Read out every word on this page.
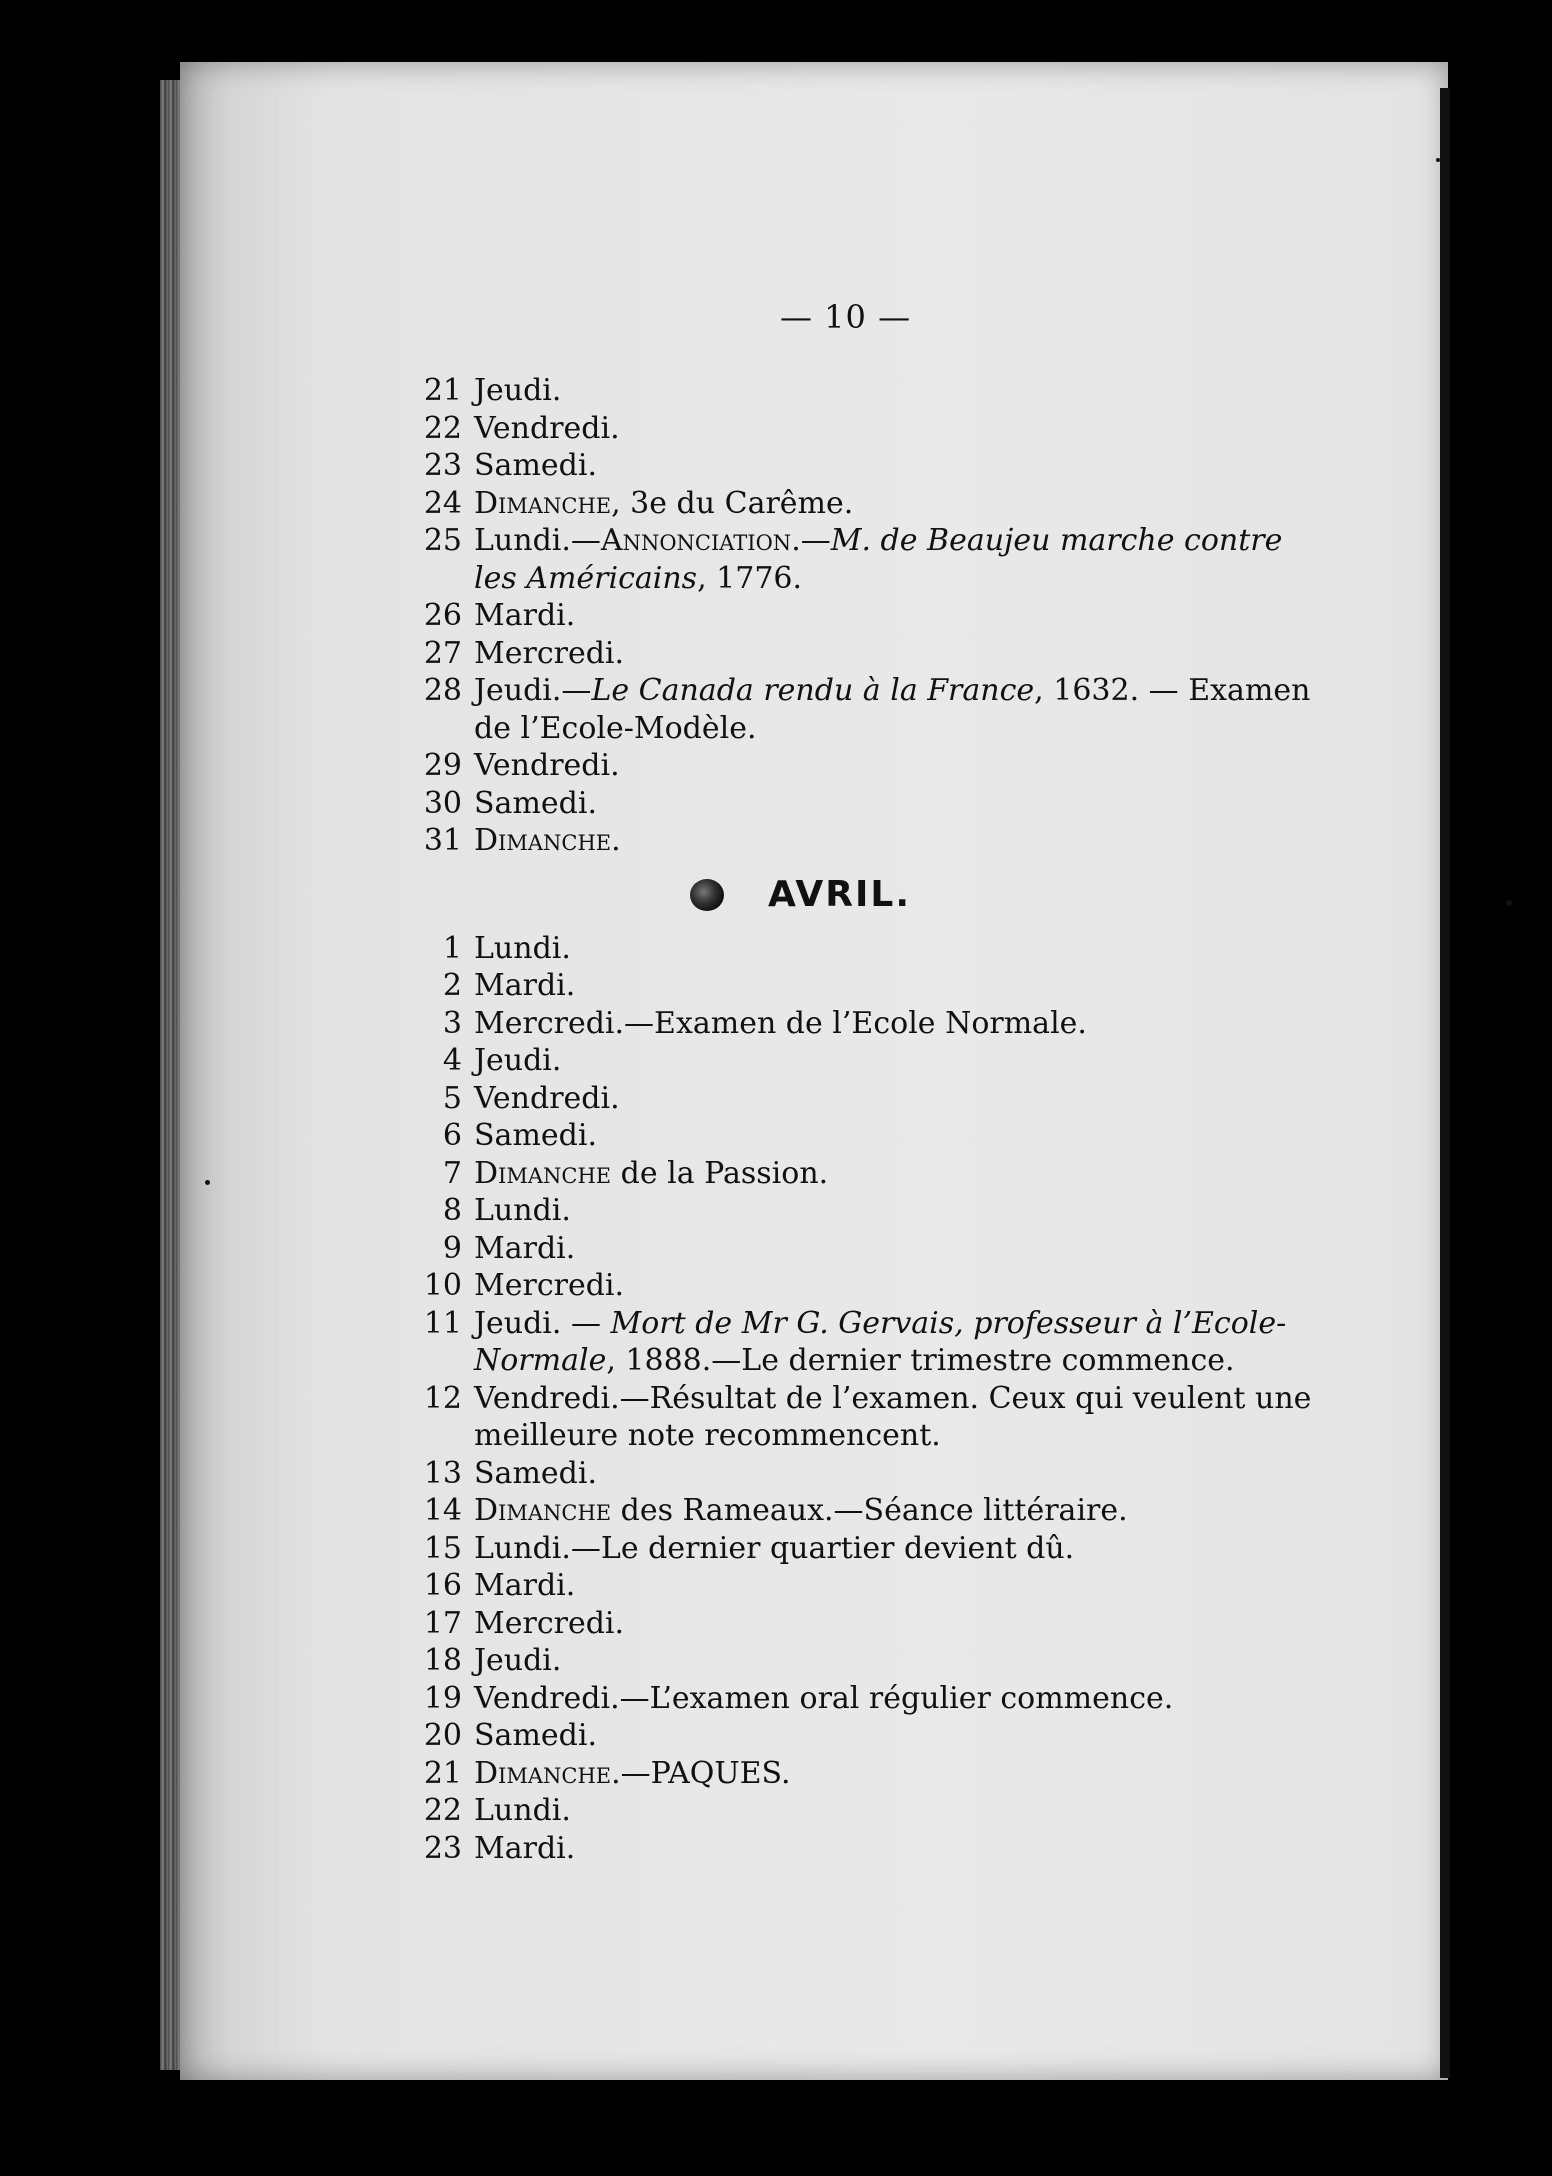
— 10 —
21 Jeudi.
22 Vendredi.
23 Samedi.
24 Dimanche, 3e du Carême.
25 Lundi.—Annonciation.—M. de Beaujeu marche contre les Américains, 1776.
26 Mardi.
27 Mercredi.
28 Jeudi.—Le Canada rendu à la France, 1632. — Examen de l’Ecole-Modèle.
29 Vendredi.
30 Samedi.
31 Dimanche.
AVRIL.
1 Lundi.
2 Mardi.
3 Mercredi.—Examen de l’Ecole Normale.
4 Jeudi.
5 Vendredi.
6 Samedi.
7 Dimanche de la Passion.
8 Lundi.
9 Mardi.
10 Mercredi.
11 Jeudi. — Mort de Mr G. Gervais, professeur à l’Ecole-Normale, 1888.—Le dernier trimestre commence.
12 Vendredi.—Résultat de l’examen. Ceux qui veulent une meilleure note recommencent.
13 Samedi.
14 Dimanche des Rameaux.—Séance littéraire.
15 Lundi.—Le dernier quartier devient dû.
16 Mardi.
17 Mercredi.
18 Jeudi.
19 Vendredi.—L’examen oral régulier commence.
20 Samedi.
21 Dimanche.—PAQUES.
22 Lundi.
23 Mardi.
